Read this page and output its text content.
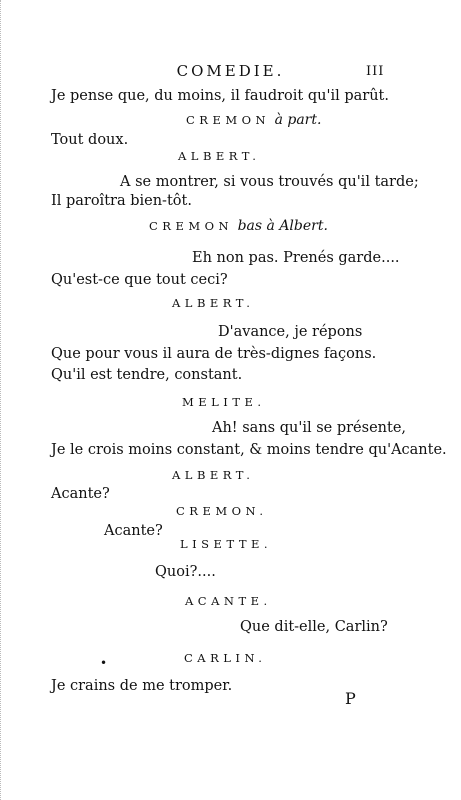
COMEDIE.	III
Je pense que, du moins, il faudroit qu'il parût.
CREMON à part.
Tout doux.
ALBERT.
A se montrer, si vous trouvés qu'il tarde;
Il paroîtra bien-tôt.
CREMON bas à Albert.
Eh non pas. Prenés garde....
Qu'est-ce que tout ceci?
ALBERT.
D'avance, je répons
Que pour vous il aura de très-dignes façons.
Qu'il est tendre, constant.
MELITE.
Ah! sans qu'il se présente,
Je le crois moins constant, & moins tendre qu'Acante.
ALBERT.
Acante?
CREMON.
Acante?
LISETTE.
Quoi?....
ACANTE.
Que dit-elle, Carlin?
CARLIN.
Je crains de me tromper.
•
P
